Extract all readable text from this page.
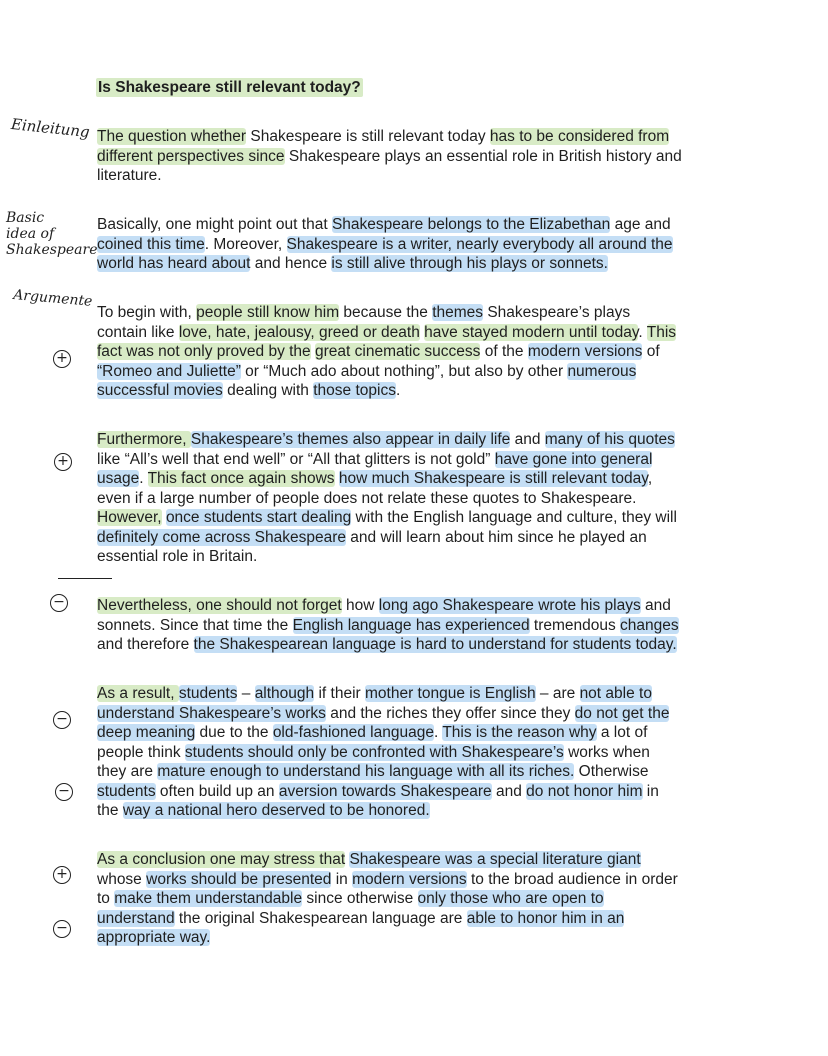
Is Shakespeare still relevant today?
Einleitung
Basic
idea of
Shakespeare
Argumente
+
+
−
−
−
+
−
The question whether Shakespeare is still relevant today has to be considered from
different perspectives since Shakespeare plays an essential role in British history and
literature.
Basically, one might point out that Shakespeare belongs to the Elizabethan age and
coined this time. Moreover, Shakespeare is a writer, nearly everybody all around the
world has heard about and hence is still alive through his plays or sonnets.
To begin with, people still know him because the themes Shakespeare’s plays
contain like love, hate, jealousy, greed or death have stayed modern until today. This
fact was not only proved by the great cinematic success of the modern versions of
“Romeo and Juliette” or “Much ado about nothing”, but also by other numerous
successful movies dealing with those topics.
Furthermore, Shakespeare’s themes also appear in daily life and many of his quotes
like “All’s well that end well” or “All that glitters is not gold” have gone into general
usage. This fact once again shows how much Shakespeare is still relevant today,
even if a large number of people does not relate these quotes to Shakespeare.
However, once students start dealing with the English language and culture, they will
definitely come across Shakespeare and will learn about him since he played an
essential role in Britain.
Nevertheless, one should not forget how long ago Shakespeare wrote his plays and
sonnets. Since that time the English language has experienced tremendous changes
and therefore the Shakespearean language is hard to understand for students today.
As a result, students – although if their mother tongue is English – are not able to
understand Shakespeare’s works and the riches they offer since they do not get the
deep meaning due to the old-fashioned language. This is the reason why a lot of
people think students should only be confronted with Shakespeare’s works when
they are mature enough to understand his language with all its riches. Otherwise
students often build up an aversion towards Shakespeare and do not honor him in
the way a national hero deserved to be honored.
As a conclusion one may stress that Shakespeare was a special literature giant
whose works should be presented in modern versions to the broad audience in order
to make them understandable since otherwise only those who are open to
understand the original Shakespearean language are able to honor him in an
appropriate way.
